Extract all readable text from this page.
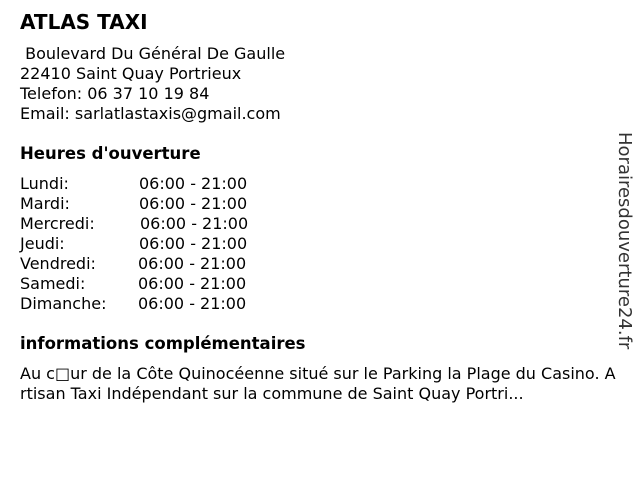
ATLAS TAXI
Boulevard Du Général De Gaulle
22410 Saint Quay Portrieux
Telefon: 06 37 10 19 84
Email: sarlatlastaxis@gmail.com
Heures d'ouverture
Lundi:	06:00 - 21:00
Mardi:	06:00 - 21:00
Mercredi:	06:00 - 21:00
Jeudi:	06:00 - 21:00
Vendredi:	06:00 - 21:00
Samedi:	06:00 - 21:00
Dimanche: 06:00 - 21:00
informations complémentaires
Au c□ur de la Côte Quinocéenne situé sur le Parking la Plage du Casino. Artisan Taxi Indépendant sur la commune de Saint Quay Portri...
Horairesdouverture24.fr
